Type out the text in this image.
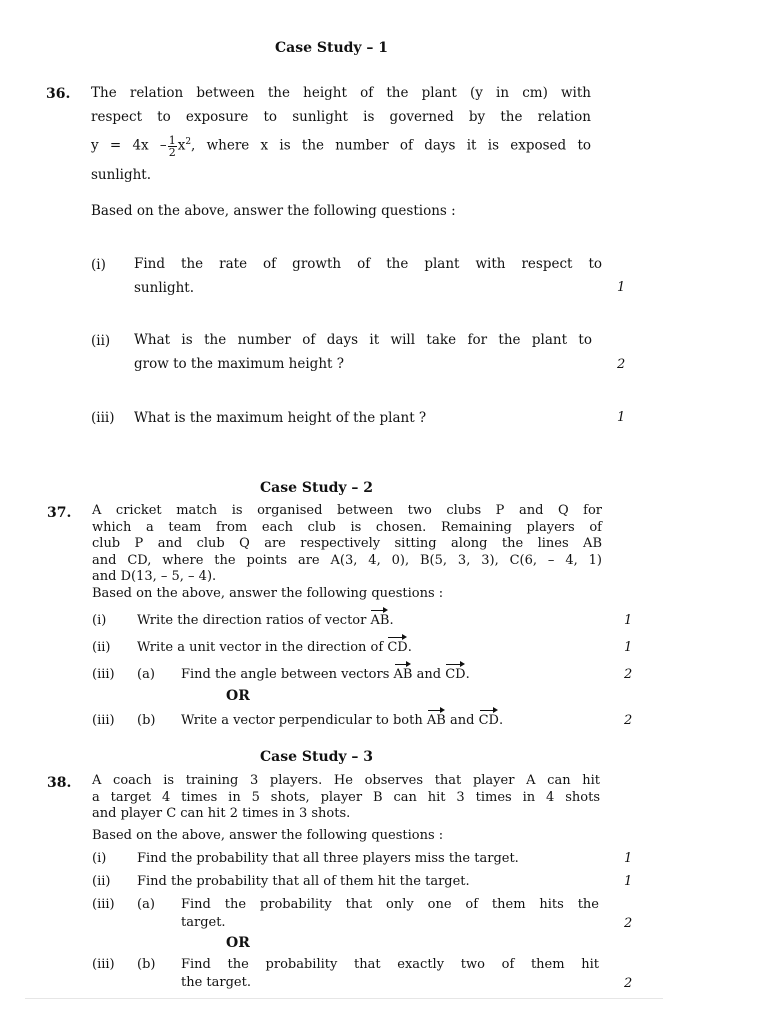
Case Study – 1
36. The relation between the height of the plant (y in cm) with
respect to exposure to sunlight is governed by the relation
$y = 4x - \frac{1}{2} x^2$, where x is the number of days it is exposed to
sunlight.
Based on the above, answer the following questions :
(i) Find the rate of growth of the plant with respect to
sunlight.	1
(ii) What is the number of days it will take for the plant to
grow to the maximum height ?	2
(iii) What is the maximum height of the plant ?	1
Case Study – 2
37. A cricket match is organised between two clubs P and Q for
which a team from each club is chosen. Remaining players of
club P and club Q are respectively sitting along the lines AB
and CD, where the points are A(3, 4, 0), B(5, 3, 3), C(6, – 4, 1)
and D(13, – 5, – 4).
Based on the above, answer the following questions :
(i) Write the direction ratios of vector AB.	1
(ii) Write a unit vector in the direction of CD.	1
(iii) (a) Find the angle between vectors AB and CD.	2
OR
(iii) (b) Write a vector perpendicular to both AB and CD.	2
Case Study – 3
38. A coach is training 3 players. He observes that player A can hit
a target 4 times in 5 shots, player B can hit 3 times in 4 shots
and player C can hit 2 times in 3 shots.
Based on the above, answer the following questions :
(i) Find the probability that all three players miss the target.	1
(ii) Find the probability that all of them hit the target.	1
(iii) (a) Find the probability that only one of them hits the
target.	2
OR
(iii) (b) Find the probability that exactly two of them hit
the target.	2
